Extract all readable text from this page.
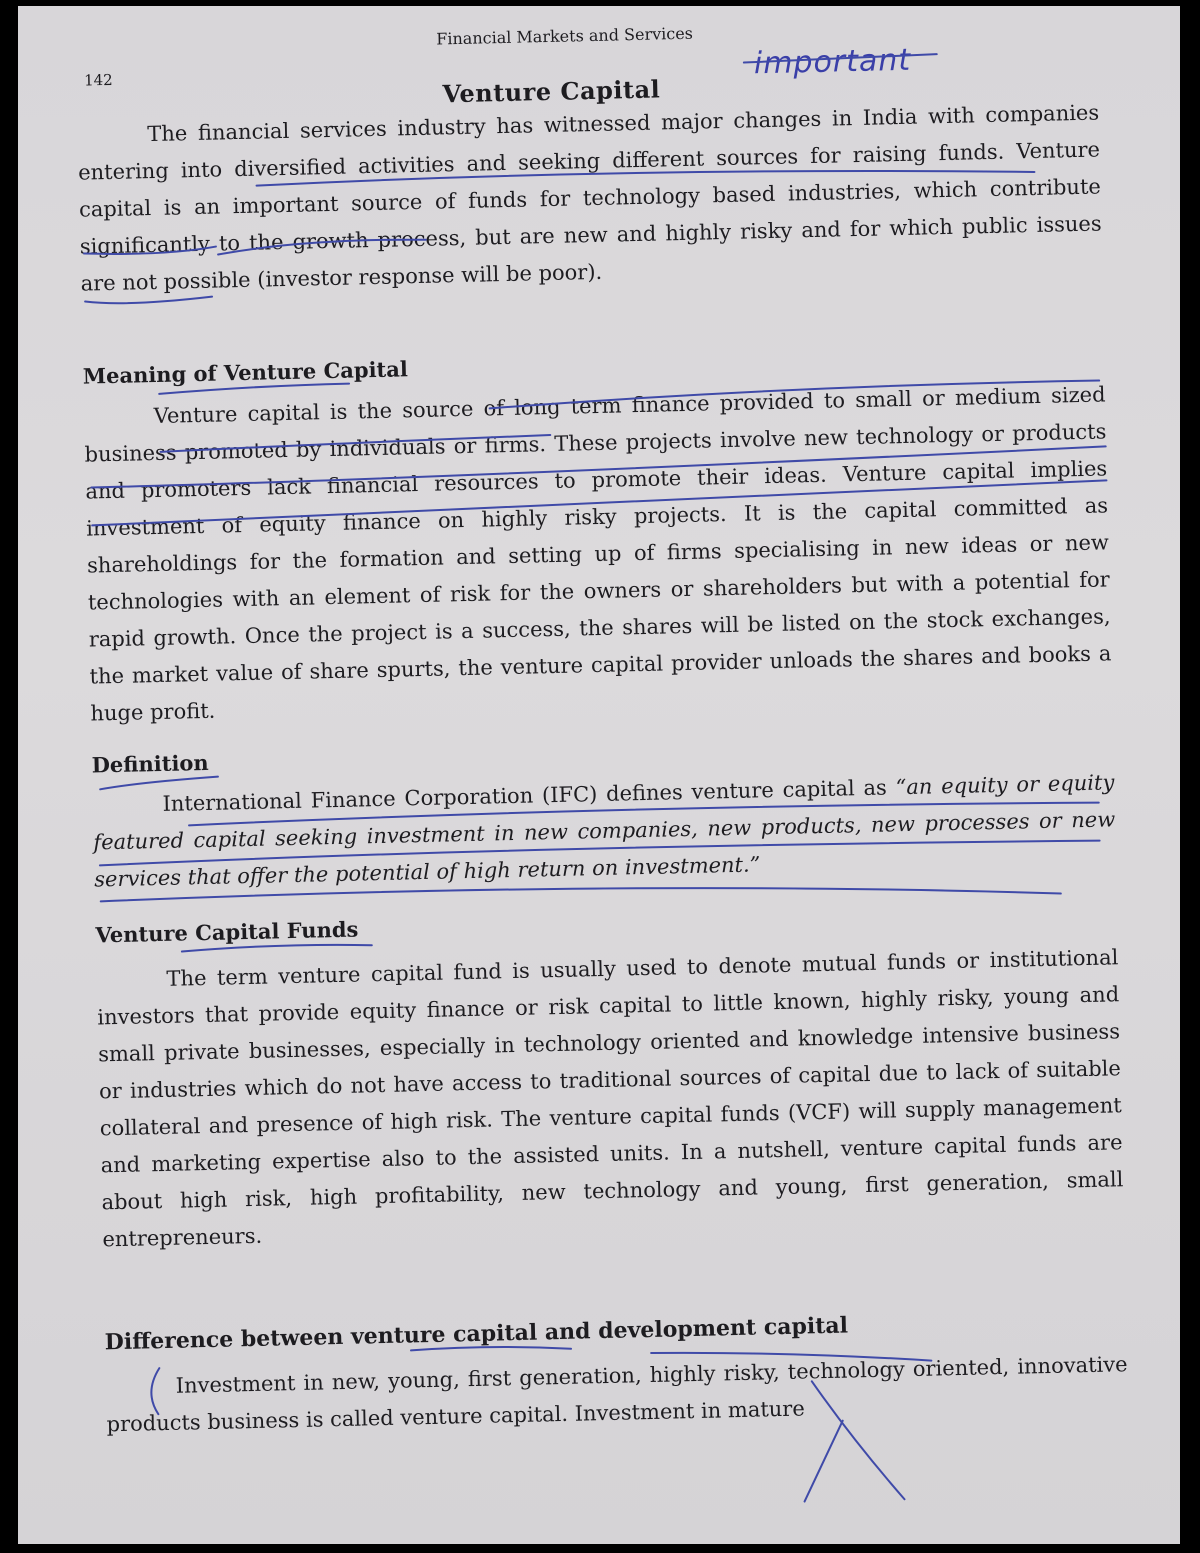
142
Financial Markets and Services
Venture Capital
important

The financial services industry has witnessed major changes in India with companies entering into diversified activities and seeking different sources for raising funds. Venture capital is an important source of funds for technology based industries, which contribute significantly to the growth process, but are new and highly risky and for which public issues are not possible (investor response will be poor).

Meaning of Venture Capital

Venture capital is the source of long term finance provided to small or medium sized business promoted by individuals or firms. These projects involve new technology or products and promoters lack financial resources to promote their ideas. Venture capital implies investment of equity finance on highly risky projects. It is the capital committed as shareholdings for the formation and setting up of firms specialising in new ideas or new technologies with an element of risk for the owners or shareholders but with a potential for rapid growth. Once the project is a success, the shares will be listed on the stock exchanges, the market value of share spurts, the venture capital provider unloads the shares and books a huge profit.

Definition

International Finance Corporation (IFC) defines venture capital as “an equity or equity featured capital seeking investment in new companies, new products, new processes or new services that offer the potential of high return on investment.”

Venture Capital Funds

The term venture capital fund is usually used to denote mutual funds or institutional investors that provide equity finance or risk capital to little known, highly risky, young and small private businesses, especially in technology oriented and knowledge intensive business or industries which do not have access to traditional sources of capital due to lack of suitable collateral and presence of high risk. The venture capital funds (VCF) will supply management and marketing expertise also to the assisted units. In a nutshell, venture capital funds are about high risk, high profitability, new technology and young, first generation, small entrepreneurs.

Difference between venture capital and development capital

Investment in new, young, first generation, highly risky, technology oriented, innovative products business is called venture capital. Investment in mature
